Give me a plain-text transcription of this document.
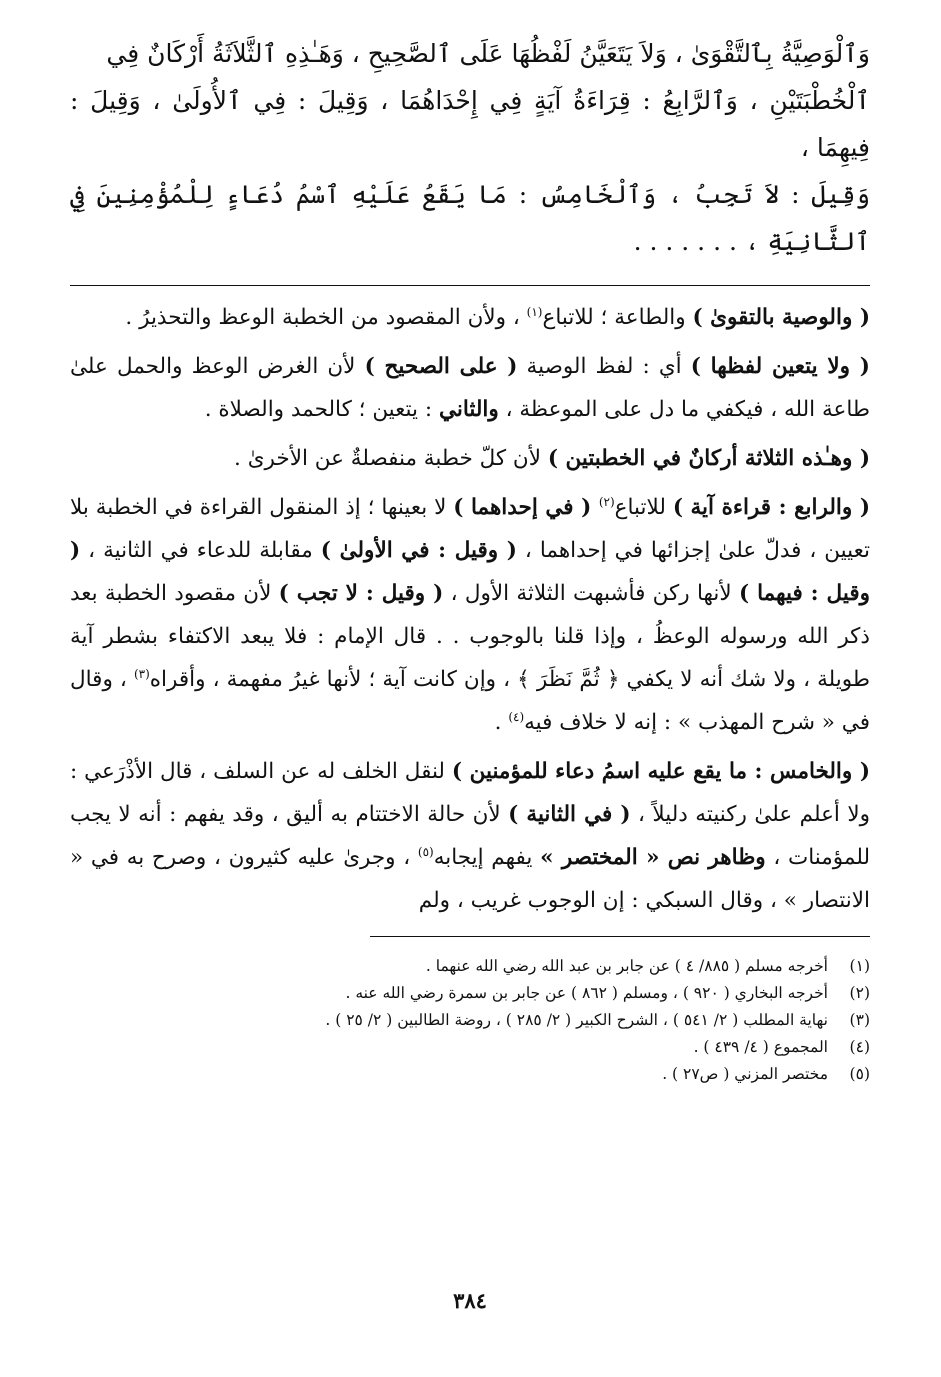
وَٱلْوَصِيَّةُ بِٱلتَّقْوَىٰ ، وَلاَ يَتَعَيَّنُ لَفْظُهَا عَلَى ٱلصَّحِيحِ ، وَهَـٰذِهِ ٱلثَّلاَثَةُ أَرْكَانٌ فِي

ٱلْخُطْبَتَيْنِ ، وَٱلرَّابِعُ : قِرَاءَةُ آيَةٍ فِي إِحْدَاهُمَا ، وَقِيلَ : فِي ٱلأُولَىٰ ، وَقِيلَ : فِيهِمَا ،

وَقِيلَ : لاَ تَجِبُ ، وَٱلْخَامِسُ : مَا يَقَعُ عَلَيْهِ ٱسْمُ دُعَاءٍ لِلْمُؤْمِنِينَ فِي ٱلثَّانِيَةِ ، . . . . . . .

( والوصية بالتقوىٰ ) والطاعة ؛ للاتباع$^{(١)}$ ، ولأن المقصود من الخطبة الوعظ والتحذيرُ .

( ولا يتعين لفظها ) أي : لفظ الوصية ( على الصحيح ) لأن الغرض الوعظ والحمل علىٰ طاعة الله ، فيكفي ما دل على الموعظة ، والثاني : يتعين ؛ كالحمد والصلاة .

( وهـٰذه الثلاثة أركانٌ في الخطبتين ) لأن كلّ خطبة منفصلةٌ عن الأخرىٰ .

( والرابع : قراءة آية ) للاتباع$^{(٢)}$ ( في إحداهما ) لا بعينها ؛ إذ المنقول القراءة في الخطبة بلا تعيين ، فدلّ علىٰ إجزائها في إحداهما ، ( وقيل : في الأولىٰ ) مقابلة للدعاء في الثانية ، ( وقيل : فيهما ) لأنها ركن فأشبهت الثلاثة الأول ، ( وقيل : لا تجب ) لأن مقصود الخطبة بعد ذكر الله ورسوله الوعظُ ، وإذا قلنا بالوجوب . . قال الإمام : فلا يبعد الاكتفاء بشطر آية طويلة ، ولا شك أنه لا يكفي ﴿ ثُمَّ نَظَرَ ﴾ ، وإن كانت آية ؛ لأنها غيرُ مفهمة ، وأقراه$^{(٣)}$ ، وقال في « شرح المهذب » : إنه لا خلاف فيه$^{(٤)}$ .

( والخامس : ما يقع عليه اسمُ دعاء للمؤمنين ) لنقل الخلف له عن السلف ، قال الأذْرَعي : ولا أعلم علىٰ ركنيته دليلاً ، ( في الثانية ) لأن حالة الاختتام به أليق ، وقد يفهم : أنه لا يجب للمؤمنات ، وظاهر نص « المختصر » يفهم إيجابه$^{(٥)}$ ، وجرىٰ عليه كثيرون ، وصرح به في « الانتصار » ، وقال السبكي : إن الوجوب غريب ، ولم

(١)
أخرجه مسلم ( ٨٨٥/ ٤ ) عن جابر بن عبد الله رضي الله عنهما .
(٢)
أخرجه البخاري ( ٩٢٠ ) ، ومسلم ( ٨٦٢ ) عن جابر بن سمرة رضي الله عنه .
(٣)
نهاية المطلب ( ٢/ ٥٤١ ) ، الشرح الكبير ( ٢/ ٢٨٥ ) ، روضة الطالبين ( ٢/ ٢٥ ) .
(٤)
المجموع ( ٤/ ٤٣٩ ) .
(٥)
مختصر المزني ( ص٢٧ ) .
٣٨٤
